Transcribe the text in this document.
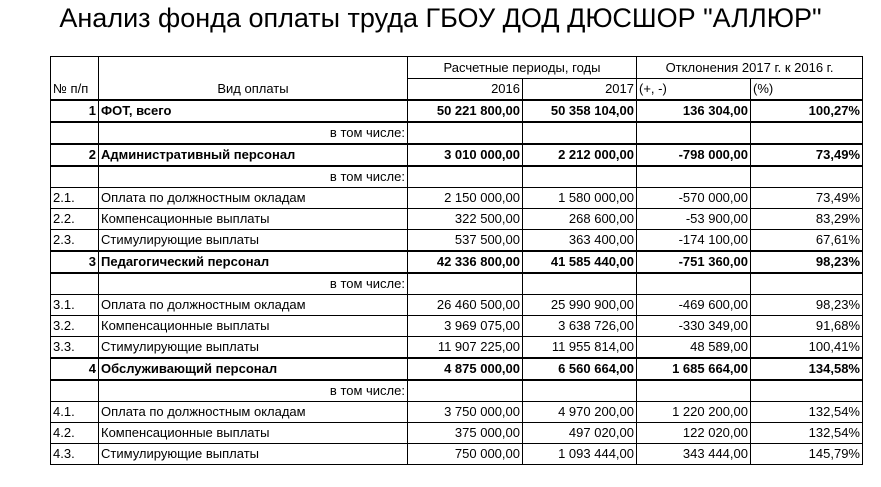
Анализ фонда оплаты труда ГБОУ ДОД ДЮСШОР "АЛЛЮР"
		Расчетные периоды, годы		Отклонения 2017 г. к 2016 г.	
№ п/п	Вид оплаты	2016	2017	(+, -)	(%)
1	ФОТ, всего	50 221 800,00	50 358 104,00	136 304,00	100,27%
	в том числе:				
2	Административный персонал	3 010 000,00	2 212 000,00	-798 000,00	73,49%
	в том числе:				
2.1.	Оплата по должностным окладам	2 150 000,00	1 580 000,00	-570 000,00	73,49%
2.2.	Компенсационные выплаты	322 500,00	268 600,00	-53 900,00	83,29%
2.3.	Стимулирующие выплаты	537 500,00	363 400,00	-174 100,00	67,61%
3	Педагогический персонал	42 336 800,00	41 585 440,00	-751 360,00	98,23%
	в том числе:				
3.1.	Оплата по должностным окладам	26 460 500,00	25 990 900,00	-469 600,00	98,23%
3.2.	Компенсационные выплаты	3 969 075,00	3 638 726,00	-330 349,00	91,68%
3.3.	Стимулирующие выплаты	11 907 225,00	11 955 814,00	48 589,00	100,41%
4	Обслуживающий персонал	4 875 000,00	6 560 664,00	1 685 664,00	134,58%
	в том числе:				
4.1.	Оплата по должностным окладам	3 750 000,00	4 970 200,00	1 220 200,00	132,54%
4.2.	Компенсационные выплаты	375 000,00	497 020,00	122 020,00	132,54%
4.3.	Стимулирующие выплаты	750 000,00	1 093 444,00	343 444,00	145,79%
